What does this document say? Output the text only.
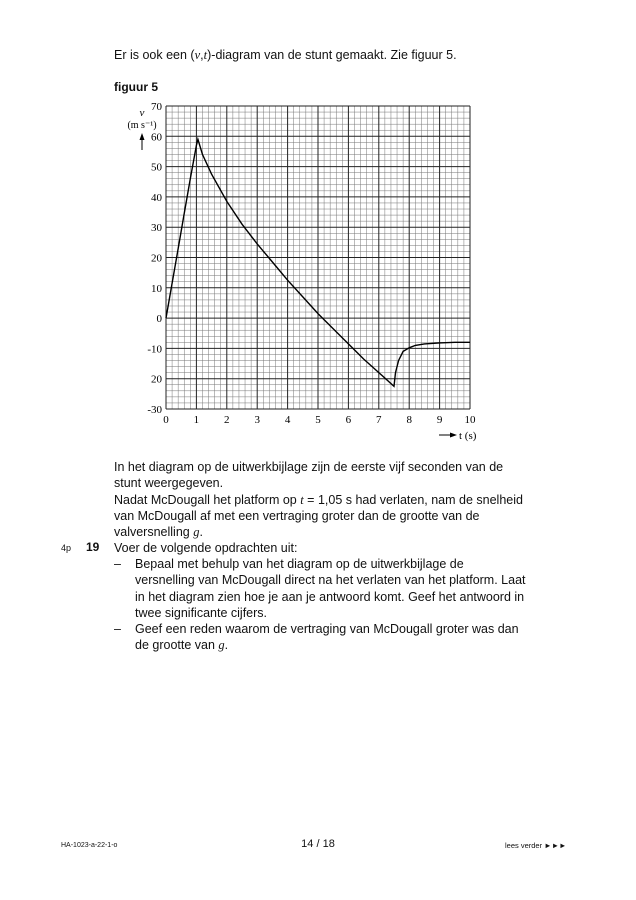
Er is ook een (v,t)-diagram van de stunt gemaakt. Zie figuur 5.
figuur 5
0 1 2 3 4 5 6 7 8 9 10
70
60
50
40
30
20
10
0
-10
20
-30
v
(m s⁻¹)
t (s)
In het diagram op de uitwerkbijlage zijn de eerste vijf seconden van de
stunt weergegeven.
Nadat McDougall het platform op t = 1,05 s had verlaten, nam de snelheid
van McDougall af met een vertraging groter dan de grootte van de
valversnelling g.
4p 19 Voer de volgende opdrachten uit:
– Bepaal met behulp van het diagram op de uitwerkbijlage de
versnelling van McDougall direct na het verlaten van het platform. Laat
in het diagram zien hoe je aan je antwoord komt. Geef het antwoord in
twee significante cijfers.
– Geef een reden waarom de vertraging van McDougall groter was dan
de grootte van g.
HA-1023-a-22-1-o	14 / 18	lees verder ►►►
